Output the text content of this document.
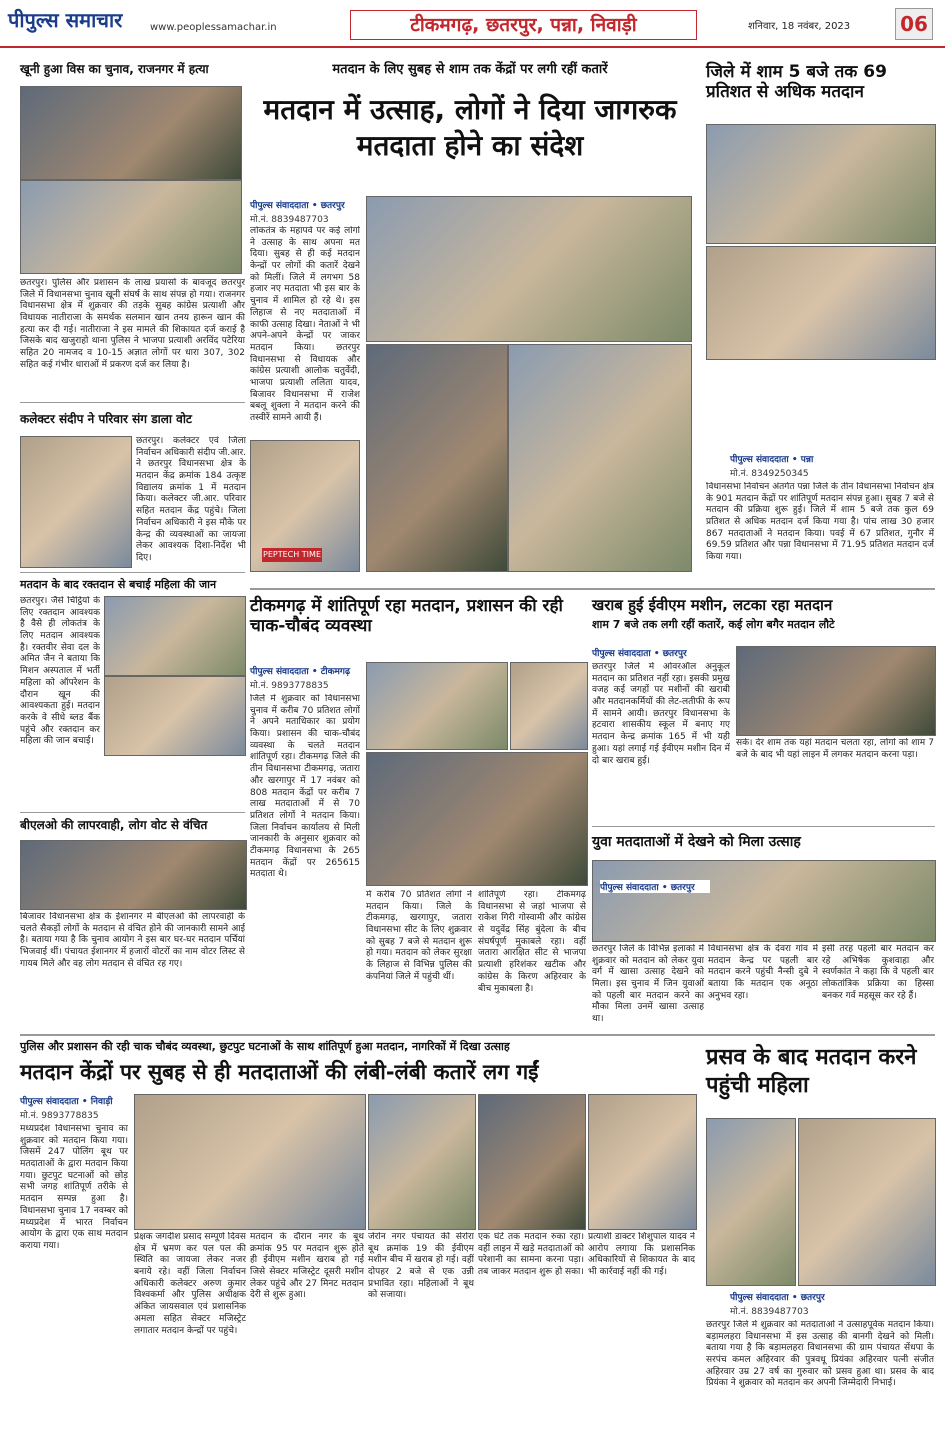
पीपुल्स समाचार	www.peoplessamachar.in	टीकमगढ़, छतरपुर, पन्ना, निवाड़ी	शनिवार, 18 नवंबर, 2023 06
खूनी हुआ विस का चुनाव, राजनगर में हत्या
छतरपुर। पुलिस और प्रशासन के लाख प्रयासों के बावजूद छतरपुर जिले में विधानसभा चुनाव खूनी संघर्ष के साथ संपन्न हो गया। राजनगर विधानसभा क्षेत्र में शुक्रवार की तड़के सुबह कांग्रेस प्रत्याशी और विधायक नातीराजा के समर्थक सलमान खान तनय हारून खान की हत्या कर दी गई। नातीराजा ने इस मामले की शिकायत दर्ज कराई है जिसके बाद खजुराहो थाना पुलिस ने भाजपा प्रत्याशी अरविंद पटेरिया सहित 20 नामजद व 10-15 अज्ञात लोगों पर धारा 307, 302 सहित कई गंभीर धाराओं में प्रकरण दर्ज कर लिया है।
कलेक्टर संदीप ने परिवार संग डाला वोट
छतरपुर। कलेक्टर एवं जिला निर्वाचन अधिकारी संदीप जी.आर. ने छतरपुर विधानसभा क्षेत्र के मतदान केंद्र क्रमांक 184 उत्कृष्ट विद्यालय क्रमांक 1 में मतदान किया। कलेक्टर जी.आर. परिवार सहित मतदान केंद्र पहुंचे। जिला निर्वाचन अधिकारी ने इस मौके पर केन्द्र की व्यवस्थाओं का जायजा लेकर आवश्यक दिशा-निर्देश भी दिए।
मतदान के बाद रक्तदान से बचाई महिला की जान
छतरपुर। जैसे चिट्ठियों के लिए रक्तदान आवश्यक है वैसे ही लोकतंत्र के लिए मतदान आवश्यक है। रक्तवीर सेवा दल के अमित जैन ने बताया कि मिशन अस्पताल में भर्ती महिला को ऑपरेशन के दौरान खून की आवश्यकता हुई। मतदान करके वे सीधे ब्लड बैंक पहुंचे और रक्तदान कर महिला की जान बचाई।
बीएलओ की लापरवाही, लोग वोट से वंचित
बिजावर विधानसभा क्षेत्र के ईशानगर में बीएलओ की लापरवाही के चलते सैकड़ों लोगों के मतदान से वंचित होने की जानकारी सामने आई है। बताया गया है कि चुनाव आयोग ने इस बार घर-घर मतदान पर्चियां भिजवाई थीं। पंचायत ईशानगर में हजारों वोटरों का नाम वोटर लिस्ट से गायब मिले और वह लोग मतदान से वंचित रह गए।
मतदान के लिए सुबह से शाम तक केंद्रों पर लगी रहीं कतारें
मतदान में उत्साह, लोगों ने दिया जागरुक मतदाता होने का संदेश
पीपुल्स संवाददाता • छतरपुर
मो.नं. 8839487703
लोकतंत्र के महापर्व पर कई लोगों ने उत्साह के साथ अपना मत दिया। सुबह से ही कई मतदान केन्द्रों पर लोगों की कतारें देखने को मिलीं। जिले में लगभग 58 हजार नए मतदाता भी इस बार के चुनाव में शामिल हो रहे थे। इस लिहाज से नए मतदाताओं में काफी उत्साह दिखा। नेताओं ने भी अपने-अपने केन्द्रों पर जाकर मतदान किया। छतरपुर विधानसभा से विधायक और कांग्रेस प्रत्याशी आलोक चतुर्वेदी, भाजपा प्रत्याशी ललिता यादव, बिजावर विधानसभा में राजेश बबलू शुक्ला ने मतदान करने की तस्वीरें सामने आयी हैं।
PEPTECH TIME
जिले में शाम 5 बजे तक 69 प्रतिशत से अधिक मतदान
पीपुल्स संवाददाता • पन्ना
मो.नं. 8349250345
विधानसभा निर्वाचन अंतर्गत पन्ना जिले के तीन विधानसभा निर्वाचन क्षेत्र के 901 मतदान केंद्रों पर शांतिपूर्ण मतदान संपन्न हुआ। सुबह 7 बजे से मतदान की प्रक्रिया शुरू हुई। जिले में शाम 5 बजे तक कुल 69 प्रतिशत से अधिक मतदान दर्ज किया गया है। पांच लाख 30 हजार 867 मतदाताओं ने मतदान किया। पवई में 67 प्रतिशत, गुनौर में 69.59 प्रतिशत और पन्ना विधानसभा में 71.95 प्रतिशत मतदान दर्ज किया गया।
टीकमगढ़ में शांतिपूर्ण रहा मतदान, प्रशासन की रही चाक-चौबंद व्यवस्था
पीपुल्स संवाददाता • टीकमगढ़
मो.नं. 9893778835
जिले में शुक्रवार को विधानसभा चुनाव में करीब 70 प्रतिशत लोगों ने अपने मताधिकार का प्रयोग किया। प्रशासन की चाक-चौबंद व्यवस्था के चलते मतदान शांतिपूर्ण रहा। टीकमगढ़ जिले की तीन विधानसभा टीकमगढ़, जतारा और खरगापुर में 17 नवंबर को 808 मतदान केंद्रों पर करीब 7 लाख मतदाताओं में से 70 प्रतिशत लोगों ने मतदान किया। जिला निर्वाचन कार्यालय से मिली जानकारी के अनुसार शुक्रवार को टीकमगढ़ विधानसभा के 265 मतदान केंद्रों पर 265615 मतदाता थे।
में करीब 70 प्रतिशत लोगों ने मतदान किया। जिले के टीकमगढ़, खरगापुर, जतारा विधानसभा सीट के लिए शुक्रवार को सुबह 7 बजे से मतदान शुरू हो गया। मतदान को लेकर सुरक्षा के लिहाज से विभिन्न पुलिस की कंपनियां जिले में पहुंची थीं।
शांतिपूर्ण रहा। टीकमगढ़ विधानसभा से जहां भाजपा से राकेश गिरी गोस्वामी और कांग्रेस से यदुवेंद्र सिंह बुंदेला के बीच संघर्षपूर्ण मुकाबले रहा। वहीं जतारा आरक्षित सीट से भाजपा प्रत्याशी हरिशंकर खटीक और कांग्रेस के किरण अहिरवार के बीच मुकाबला है।
खराब हुई ईवीएम मशीन, लटका रहा मतदान
शाम 7 बजे तक लगी रहीं कतारें, कई लोग बगैर मतदान लौटे
पीपुल्स संवाददाता • छतरपुर
छतरपुर जिले में ओवरऑल अनुकूल मतदान का प्रतिशत नहीं रहा। इसकी प्रमुख वजह कई जगहों पर मशीनों की खराबी और मतदानकर्मियों की लेट-लतीफी के रूप में सामने आयी। छतरपुर विधानसभा के हटवारा शासकीय स्कूल में बनाए गए मतदान केन्द्र क्रमांक 165 में भी यही हुआ। यहां लगाई गई ईवीएम मशीन दिन में दो बार खराब हुई।
सके। देर शाम तक यहां मतदान चलता रहा, लोगों को शाम 7 बजे के बाद भी यहां लाइन में लगकर मतदान करना पड़ा।
युवा मतदाताओं में देखने को मिला उत्साह
पीपुल्स संवाददाता • छतरपुर
छतरपुर जिले के विभिन्न इलाकों में शुक्रवार को मतदान को लेकर युवा वर्ग में खासा उत्साह देखने को मिला। इस चुनाव में जिन युवाओं को पहली बार मतदान करने का मौका मिला उनमें खासा उत्साह था।
विधानसभा क्षेत्र के देवरा गांव में मतदान केन्द्र पर पहली बार मतदान करने पहुंची नैन्सी दुबे ने बताया कि मतदान एक अनूठा अनुभव रहा।
इसी तरह पहली बार मतदान कर रहे अभिषेक कुशवाहा और स्वर्णकांत ने कहा कि वे पहली बार लोकतांत्रिक प्रक्रिया का हिस्सा बनकर गर्व महसूस कर रहे हैं।
पुलिस और प्रशासन की रही चाक चौबंद व्यवस्था, छुटपुट घटनाओं के साथ शांतिपूर्ण हुआ मतदान, नागरिकों में दिखा उत्साह
मतदान केंद्रों पर सुबह से ही मतदाताओं की लंबी-लंबी कतारें लग गईं
पीपुल्स संवाददाता • निवाड़ी
मो.नं. 9893778835
मध्यप्रदेश विधानसभा चुनाव का शुक्रवार को मतदान किया गया। जिसमें 247 पोलिंग बूथ पर मतदाताओं के द्वारा मतदान किया गया। छुटपुट घटनाओं को छोड़ सभी जगह शांतिपूर्ण तरीके से मतदान सम्पन्न हुआ है। विधानसभा चुनाव 17 नवम्बर को मध्यप्रदेश में भारत निर्वाचन आयोग के द्वारा एक साथ मतदान कराया गया।
प्रेक्षक जगदीश प्रसाद सम्पूर्ण दिवस क्षेत्र में भ्रमण कर पल पल की स्थिति का जायजा लेकर नजर बनाये रहे। वहीं जिला निर्वाचन अधिकारी कलेक्टर अरुण कुमार विश्वकर्मा और पुलिस अधीक्षक अंकित जायसवाल एवं प्रशासनिक अमला सहित सेक्टर मजिस्ट्रेट लगातार मतदान केन्द्रों पर पहुंचे।
मतदान के दौरान नगर के बूथ क्रमांक 95 पर मतदान शुरू होते ही ईवीएम मशीन खराब हो गई जिसे सेक्टर मजिस्ट्रेट दूसरी मशीन लेकर पहुंचे और 27 मिनट मतदान देरी से शुरू हुआ।
जेरोन नगर पंचायत की सेरोरा बूथ क्रमांक 19 की ईवीएम मशीन बीच में खराब हो गई। वहीं दोपहर 2 बजे से एक उन्नी प्रभावित रहा। महिलाओं ने बूथ को सजाया।
एक घंटे तक मतदान रुका रहा। वहीं लाइन में खड़े मतदाताओं को परेशानी का सामना करना पड़ा। तब जाकर मतदान शुरू हो सका।
प्रत्याशी डाक्टर शिशुपाल यादव ने आरोप लगाया कि प्रशासनिक अधिकारियों से शिकायत के बाद भी कार्रवाई नहीं की गई।
प्रसव के बाद मतदान करने पहुंची महिला
पीपुल्स संवाददाता • छतरपुर
मो.नं. 8839487703
छतरपुर जिले में शुक्रवार को मतदाताओं ने उत्साहपूर्वक मतदान किया। बड़ामलहरा विधानसभा में इस उत्साह की बानगी देखने को मिली। बताया गया है कि बड़ामलहरा विधानसभा की ग्राम पंचायत सेंधपा के सरपंच कमल अहिरवार की पुत्रवधू प्रियंका अहिरवार पत्नी संजीत अहिरवार उम्र 27 वर्ष का गुरुवार को प्रसव हुआ था। प्रसव के बाद प्रियंका ने शुक्रवार को मतदान कर अपनी जिम्मेदारी निभाई।
